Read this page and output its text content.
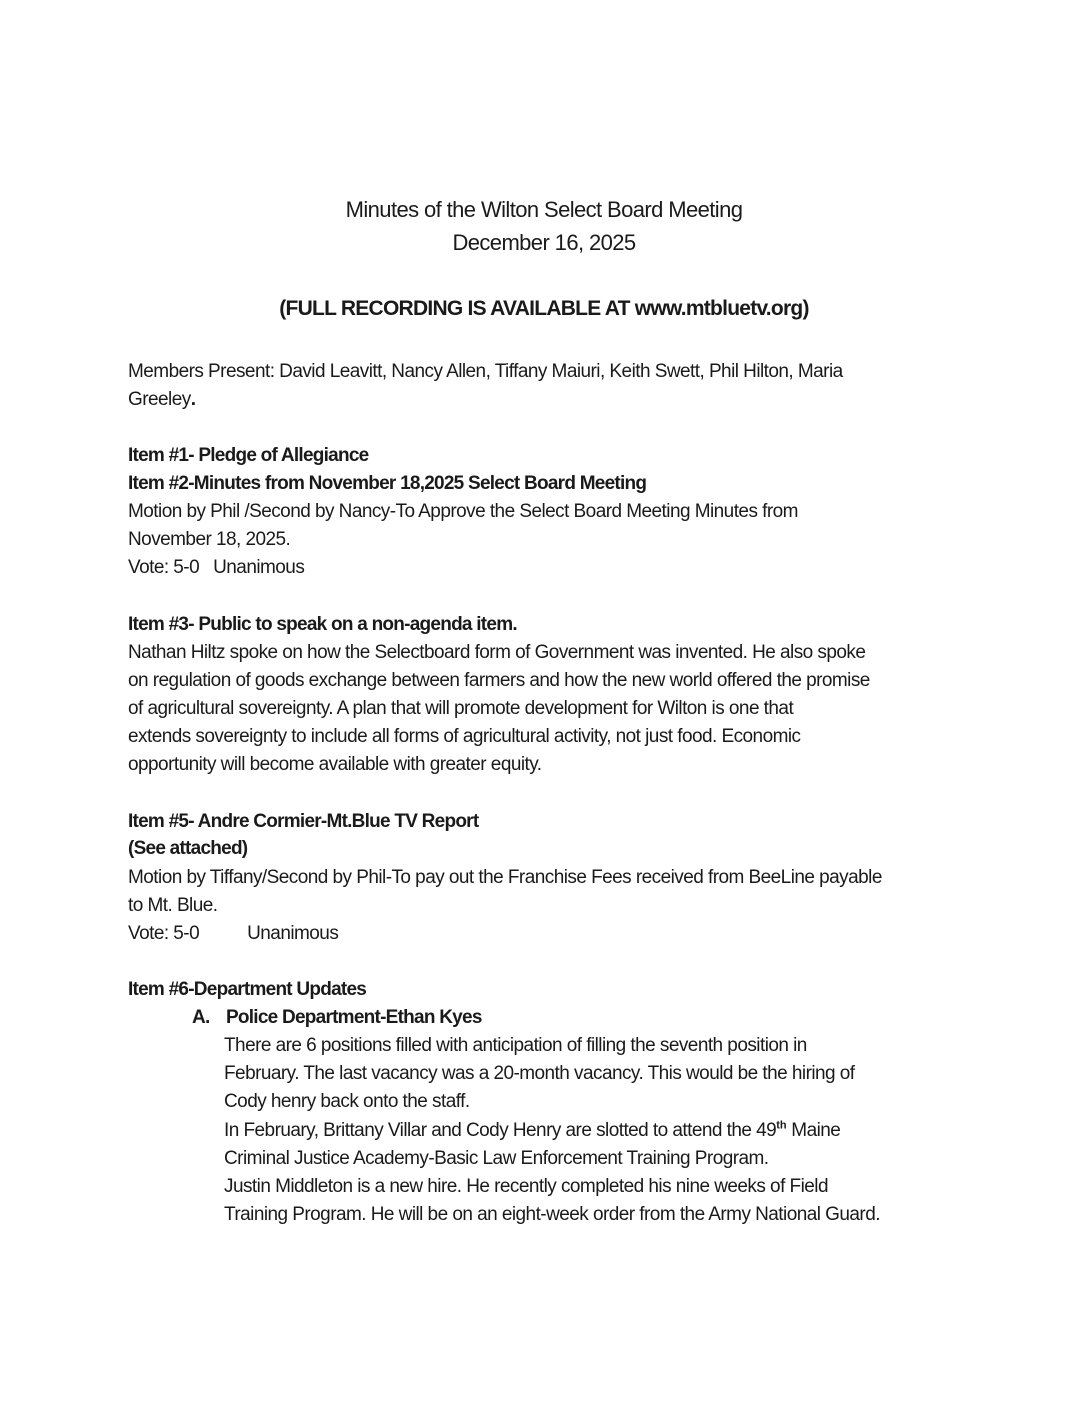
Minutes of the Wilton Select Board Meeting
December 16, 2025
(FULL RECORDING IS AVAILABLE AT www.mtbluetv.org)
Members Present: David Leavitt, Nancy Allen, Tiffany Maiuri, Keith Swett, Phil Hilton, Maria
Greeley.
Item #1- Pledge of Allegiance
Item #2-Minutes from November 18,2025 Select Board Meeting
Motion by Phil /Second by Nancy-To Approve the Select Board Meeting Minutes from
November 18, 2025.
Vote: 5-0 Unanimous
Item #3- Public to speak on a non-agenda item.
Nathan Hiltz spoke on how the Selectboard form of Government was invented. He also spoke
on regulation of goods exchange between farmers and how the new world offered the promise
of agricultural sovereignty. A plan that will promote development for Wilton is one that
extends sovereignty to include all forms of agricultural activity, not just food. Economic
opportunity will become available with greater equity.
Item #5- Andre Cormier-Mt.Blue TV Report
(See attached)
Motion by Tiffany/Second by Phil-To pay out the Franchise Fees received from BeeLine payable
to Mt. Blue.
Vote: 5-0	Unanimous
Item #6-Department Updates
A. Police Department-Ethan Kyes
There are 6 positions filled with anticipation of filling the seventh position in
February. The last vacancy was a 20-month vacancy. This would be the hiring of
Cody henry back onto the staff.
In February, Brittany Villar and Cody Henry are slotted to attend the 49th Maine
Criminal Justice Academy-Basic Law Enforcement Training Program.
Justin Middleton is a new hire. He recently completed his nine weeks of Field
Training Program. He will be on an eight-week order from the Army National Guard.
